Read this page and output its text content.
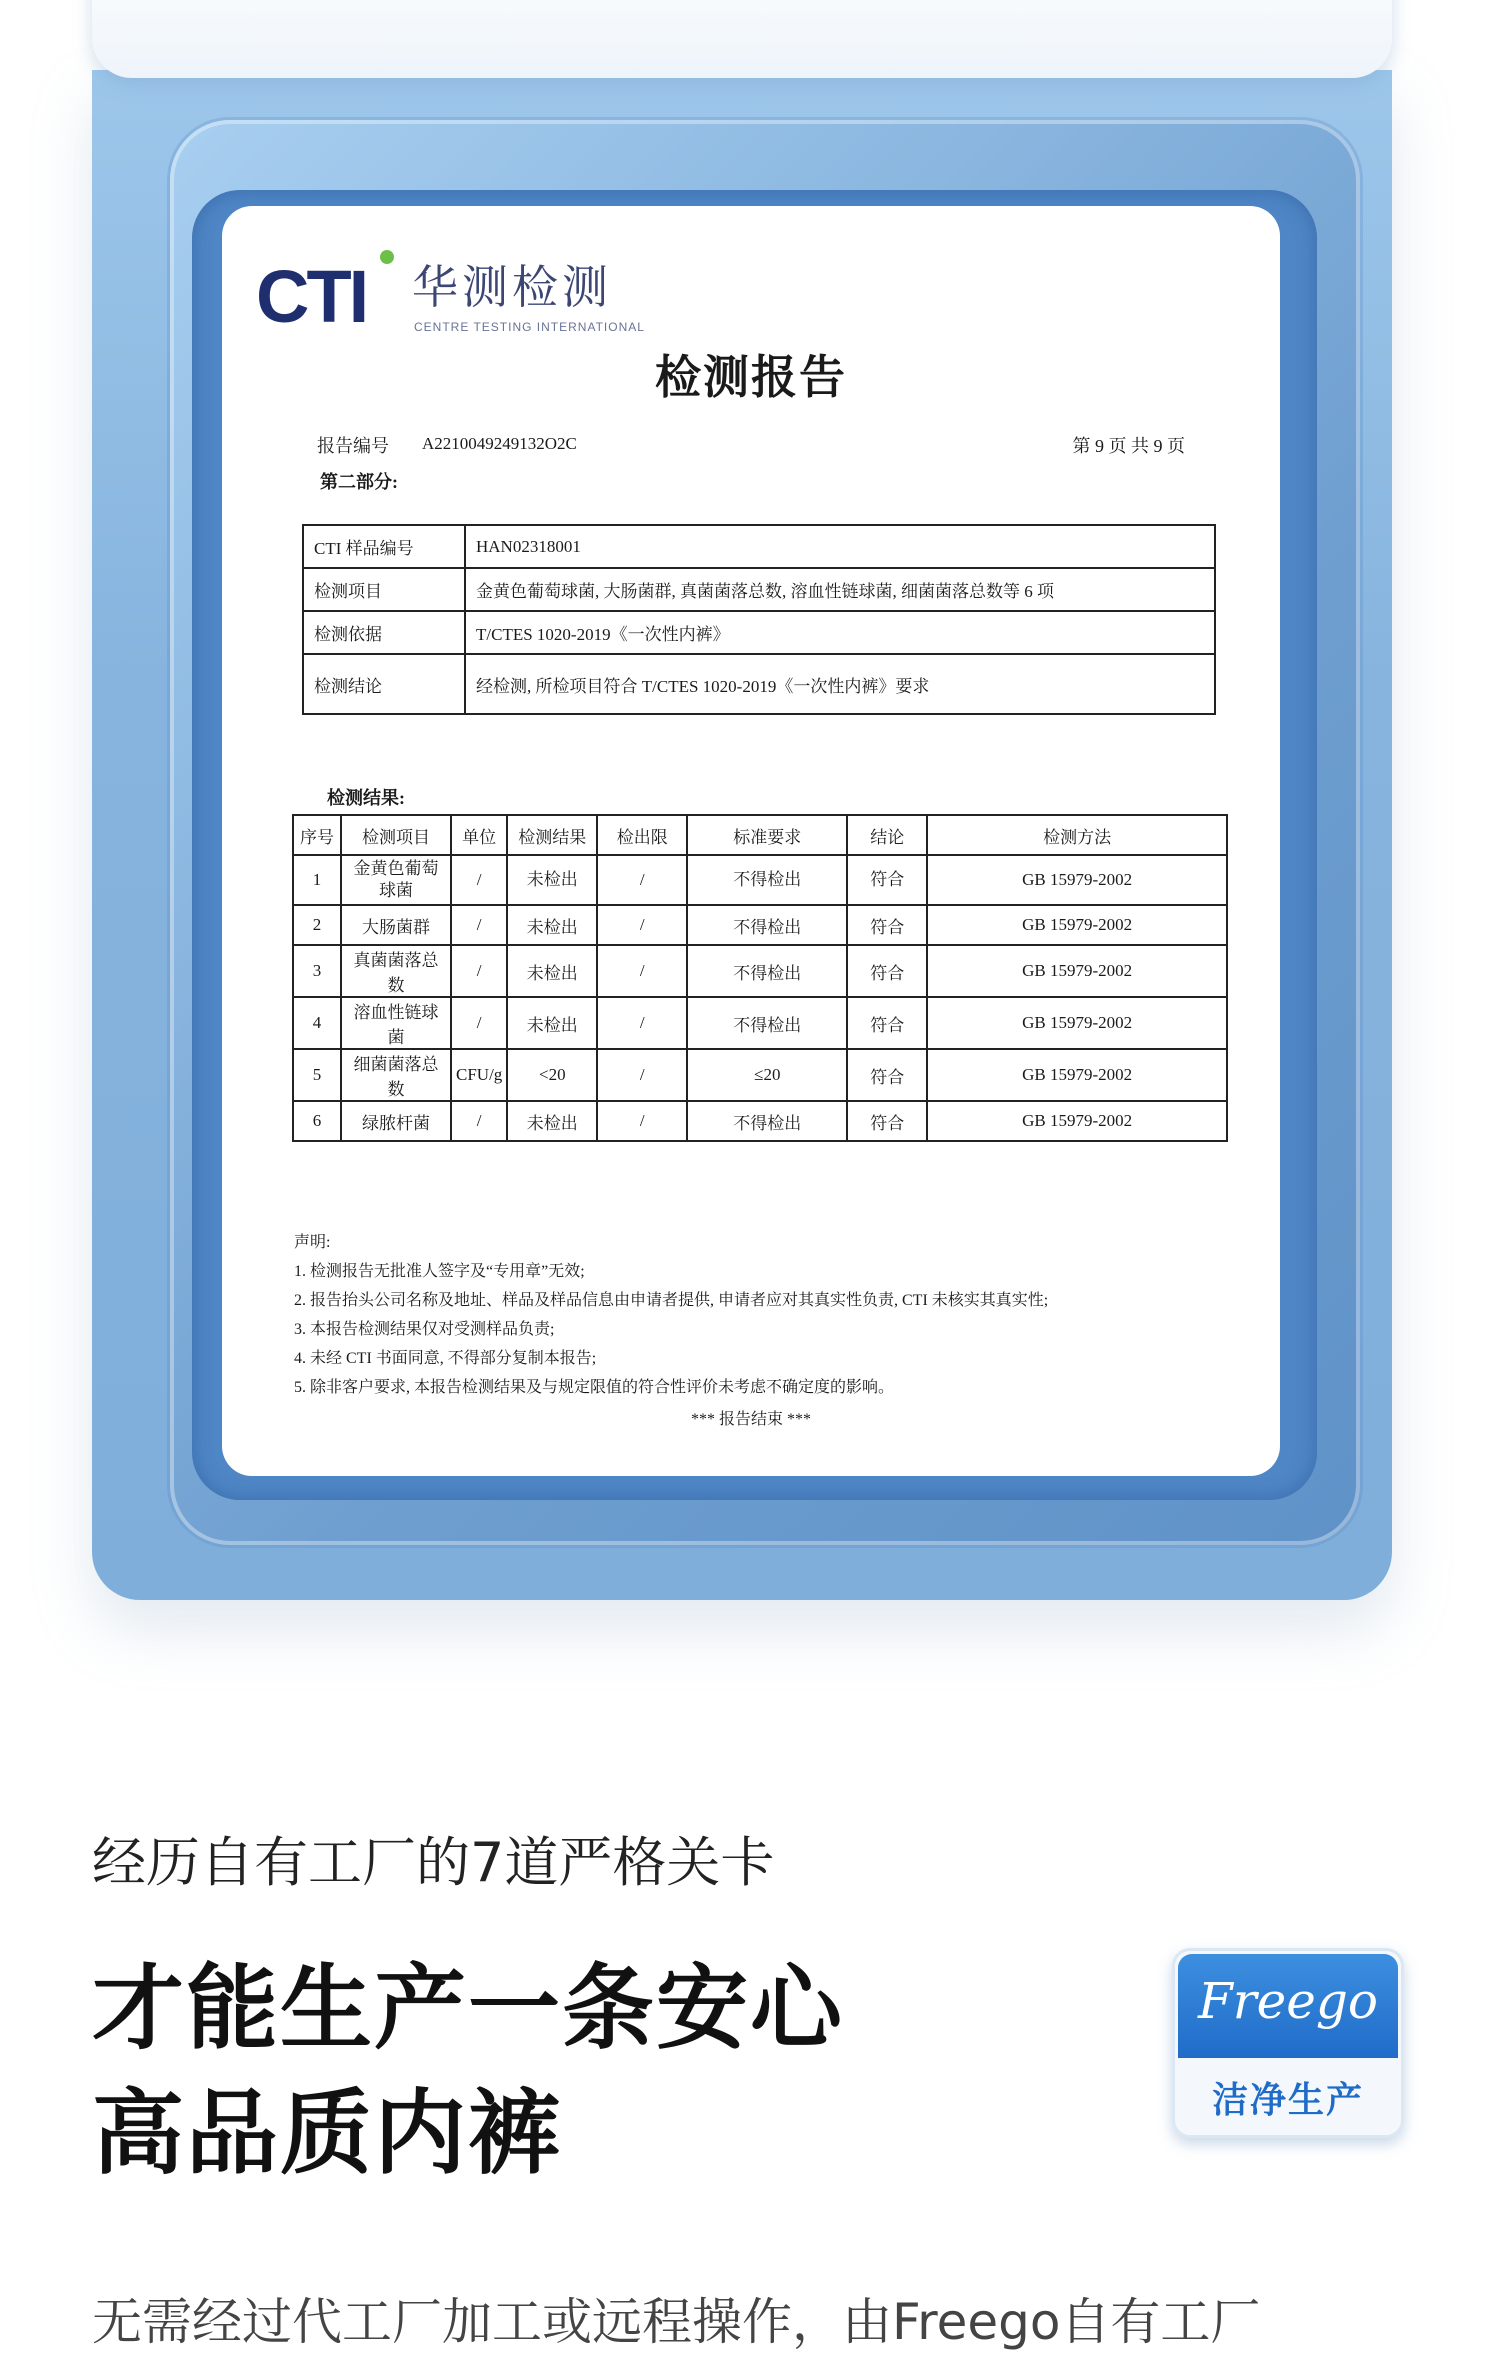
CTI 华测检测
CENTRE TESTING INTERNATIONAL
检测报告
报告编号 A2210049249132O2C	第 9 页 共 9 页
第二部分:
CTI 样品编号	HAN02318001
检测项目	金黄色葡萄球菌, 大肠菌群, 真菌菌落总数, 溶血性链球菌, 细菌菌落总数等 6 项
检测依据	T/CTES 1020-2019《一次性内裤》
检测结论	经检测, 所检项目符合 T/CTES 1020-2019《一次性内裤》要求
检测结果:
序号	检测项目	单位	检测结果	检出限	标准要求	结论	检测方法
1	金黄色葡萄球菌	/	未检出	/	不得检出	符合	GB 15979-2002
2	大肠菌群	/	未检出	/	不得检出	符合	GB 15979-2002
3	真菌菌落总数	/	未检出	/	不得检出	符合	GB 15979-2002
4	溶血性链球菌	/	未检出	/	不得检出	符合	GB 15979-2002
5	细菌菌落总数	CFU/g	<20	/	≤20	符合	GB 15979-2002
6	绿脓杆菌	/	未检出	/	不得检出	符合	GB 15979-2002
声明:
1. 检测报告无批准人签字及“专用章”无效;
2. 报告抬头公司名称及地址、样品及样品信息由申请者提供, 申请者应对其真实性负责, CTI 未核实其真实性;
3. 本报告检测结果仅对受测样品负责;
4. 未经 CTI 书面同意, 不得部分复制本报告;
5. 除非客户要求, 本报告检测结果及与规定限值的符合性评价未考虑不确定度的影响。
*** 报告结束 ***
经历自有工厂的7道严格关卡
才能生产一条安心
高品质内裤
Freego
洁净生产
无需经过代工厂加工或远程操作，由Freego自有工厂
